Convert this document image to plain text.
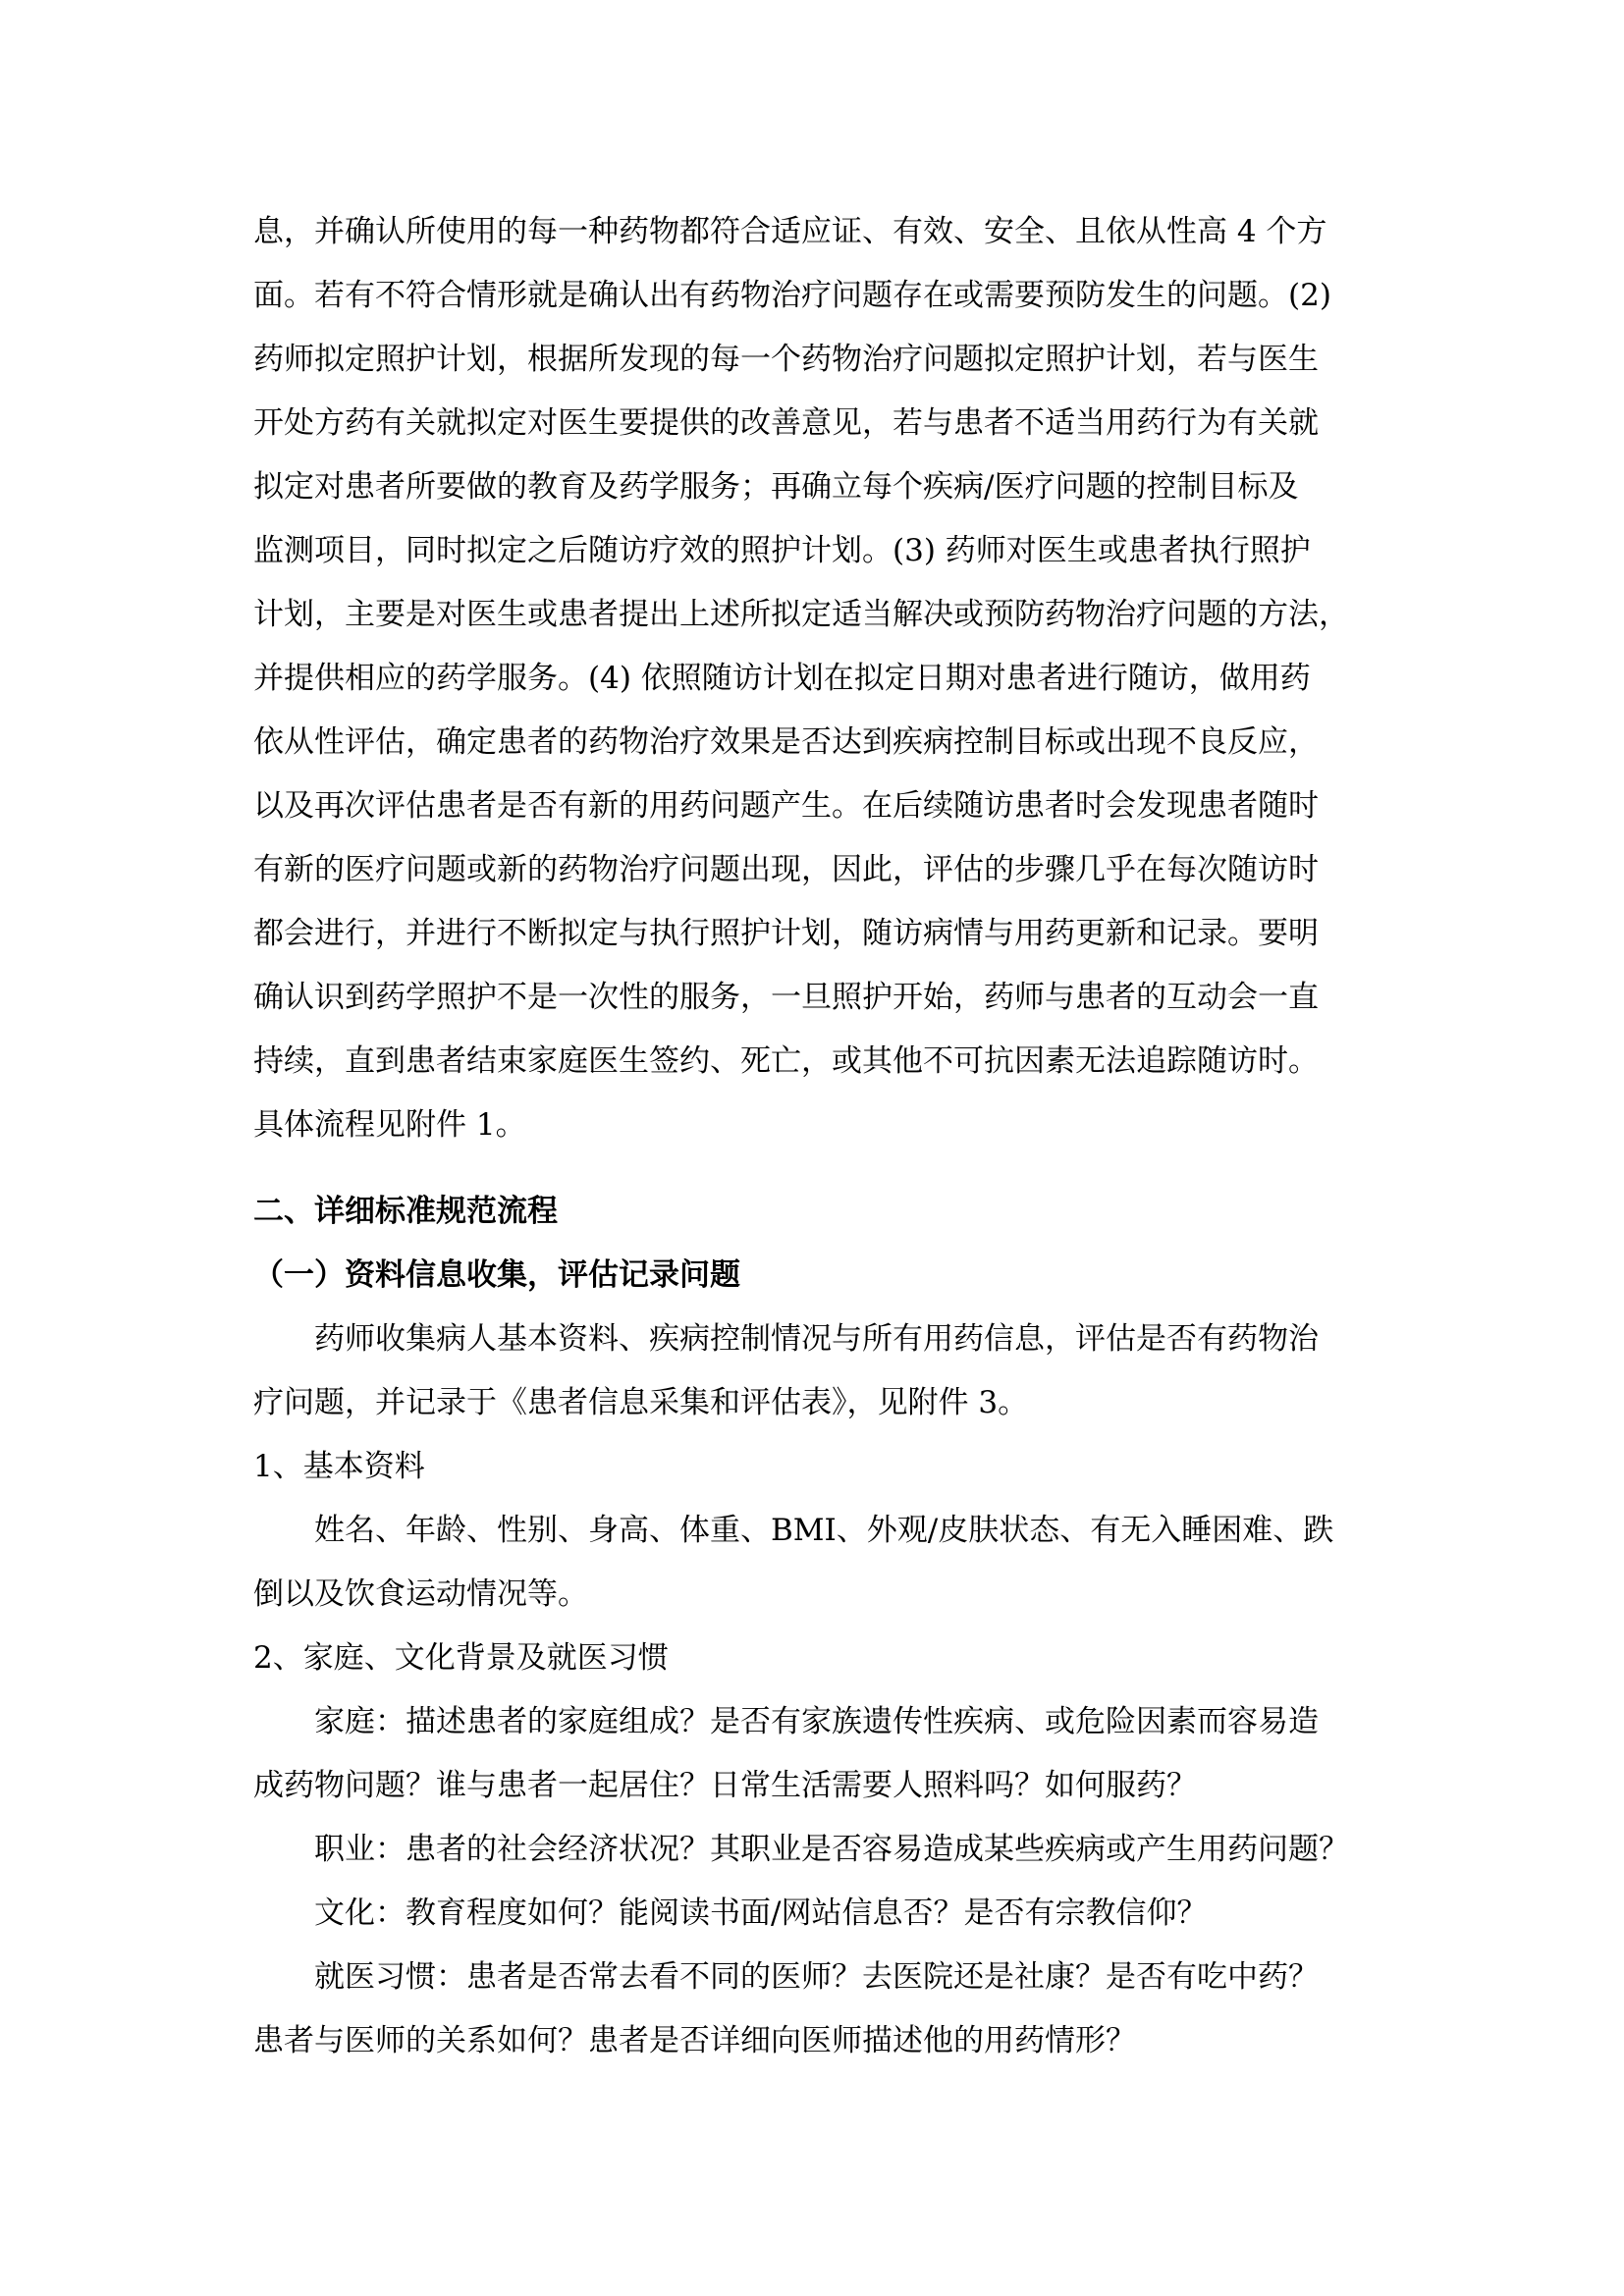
息，并确认所使用的每一种药物都符合适应证、有效、安全、且依从性高 4 个方
面。若有不符合情形就是确认出有药物治疗问题存在或需要预防发生的问题。(2)
药师拟定照护计划，根据所发现的每一个药物治疗问题拟定照护计划，若与医生
开处方药有关就拟定对医生要提供的改善意见，若与患者不适当用药行为有关就
拟定对患者所要做的教育及药学服务；再确立每个疾病/医疗问题的控制目标及
监测项目，同时拟定之后随访疗效的照护计划。(3) 药师对医生或患者执行照护
计划，主要是对医生或患者提出上述所拟定适当解决或预防药物治疗问题的方法，
并提供相应的药学服务。(4) 依照随访计划在拟定日期对患者进行随访，做用药
依从性评估，确定患者的药物治疗效果是否达到疾病控制目标或出现不良反应，
以及再次评估患者是否有新的用药问题产生。在后续随访患者时会发现患者随时
有新的医疗问题或新的药物治疗问题出现，因此，评估的步骤几乎在每次随访时
都会进行，并进行不断拟定与执行照护计划，随访病情与用药更新和记录。要明
确认识到药学照护不是一次性的服务，一旦照护开始，药师与患者的互动会一直
持续，直到患者结束家庭医生签约、死亡，或其他不可抗因素无法追踪随访时。
具体流程见附件 1。
二、详细标准规范流程
（一）资料信息收集，评估记录问题
药师收集病人基本资料、疾病控制情况与所有用药信息，评估是否有药物治
疗问题，并记录于《患者信息采集和评估表》，见附件 3。
1、基本资料
姓名、年龄、性别、身高、体重、BMI、外观/皮肤状态、有无入睡困难、跌
倒以及饮食运动情况等。
2、家庭、文化背景及就医习惯
家庭：描述患者的家庭组成？是否有家族遗传性疾病、或危险因素而容易造
成药物问题？谁与患者一起居住？日常生活需要人照料吗？如何服药？
职业：患者的社会经济状况？其职业是否容易造成某些疾病或产生用药问题？
文化：教育程度如何？能阅读书面/网站信息否？是否有宗教信仰？
就医习惯：患者是否常去看不同的医师？去医院还是社康？是否有吃中药？
患者与医师的关系如何？患者是否详细向医师描述他的用药情形？
